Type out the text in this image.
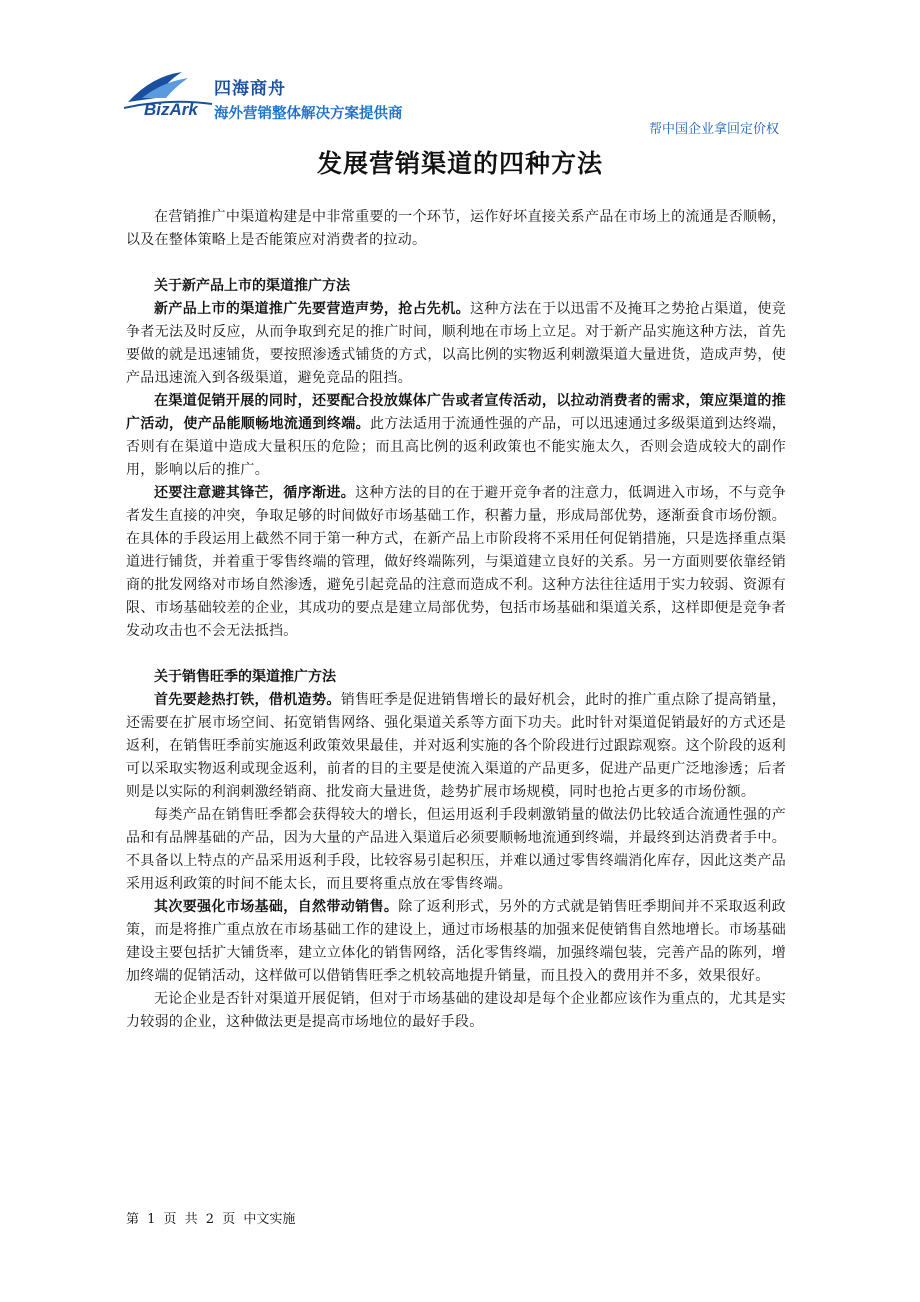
BizArk
四海商舟
海外营销整体解决方案提供商
帮中国企业拿回定价权
发展营销渠道的四种方法

在营销推广中渠道构建是中非常重要的一个环节，运作好坏直接关系产品在市场上的流通是否顺畅，以及在整体策略上是否能策应对消费者的拉动。

关于新产品上市的渠道推广方法

新产品上市的渠道推广先要营造声势，抢占先机。这种方法在于以迅雷不及掩耳之势抢占渠道，使竞争者无法及时反应，从而争取到充足的推广时间，顺利地在市场上立足。对于新产品实施这种方法，首先要做的就是迅速铺货，要按照渗透式铺货的方式，以高比例的实物返利刺激渠道大量进货，造成声势，使产品迅速流入到各级渠道，避免竞品的阻挡。

在渠道促销开展的同时，还要配合投放媒体广告或者宣传活动，以拉动消费者的需求，策应渠道的推广活动，使产品能顺畅地流通到终端。此方法适用于流通性强的产品，可以迅速通过多级渠道到达终端，否则有在渠道中造成大量积压的危险；而且高比例的返利政策也不能实施太久，否则会造成较大的副作用，影响以后的推广。

还要注意避其锋芒，循序渐进。这种方法的目的在于避开竞争者的注意力，低调进入市场，不与竞争者发生直接的冲突，争取足够的时间做好市场基础工作，积蓄力量，形成局部优势，逐渐蚕食市场份额。在具体的手段运用上截然不同于第一种方式，在新产品上市阶段将不采用任何促销措施，只是选择重点渠道进行铺货，并着重于零售终端的管理，做好终端陈列，与渠道建立良好的关系。另一方面则要依靠经销商的批发网络对市场自然渗透，避免引起竞品的注意而造成不利。这种方法往往适用于实力较弱、资源有限、市场基础较差的企业，其成功的要点是建立局部优势，包括市场基础和渠道关系，这样即便是竞争者发动攻击也不会无法抵挡。

关于销售旺季的渠道推广方法

首先要趁热打铁，借机造势。销售旺季是促进销售增长的最好机会，此时的推广重点除了提高销量，还需要在扩展市场空间、拓宽销售网络、强化渠道关系等方面下功夫。此时针对渠道促销最好的方式还是返利，在销售旺季前实施返利政策效果最佳，并对返利实施的各个阶段进行过跟踪观察。这个阶段的返利可以采取实物返利或现金返利，前者的目的主要是使流入渠道的产品更多，促进产品更广泛地渗透；后者则是以实际的利润刺激经销商、批发商大量进货，趁势扩展市场规模，同时也抢占更多的市场份额。

每类产品在销售旺季都会获得较大的增长，但运用返利手段刺激销量的做法仍比较适合流通性强的产品和有品牌基础的产品，因为大量的产品进入渠道后必须要顺畅地流通到终端，并最终到达消费者手中。不具备以上特点的产品采用返利手段，比较容易引起积压，并难以通过零售终端消化库存，因此这类产品采用返利政策的时间不能太长，而且要将重点放在零售终端。

其次要强化市场基础，自然带动销售。除了返利形式，另外的方式就是销售旺季期间并不采取返利政策，而是将推广重点放在市场基础工作的建设上，通过市场根基的加强来促使销售自然地增长。市场基础建设主要包括扩大铺货率，建立立体化的销售网络，活化零售终端，加强终端包装，完善产品的陈列，增加终端的促销活动，这样做可以借销售旺季之机较高地提升销量，而且投入的费用并不多，效果很好。

无论企业是否针对渠道开展促销，但对于市场基础的建设却是每个企业都应该作为重点的，尤其是实力较弱的企业，这种做法更是提高市场地位的最好手段。

第 1 页 共 2 页 中文实施
